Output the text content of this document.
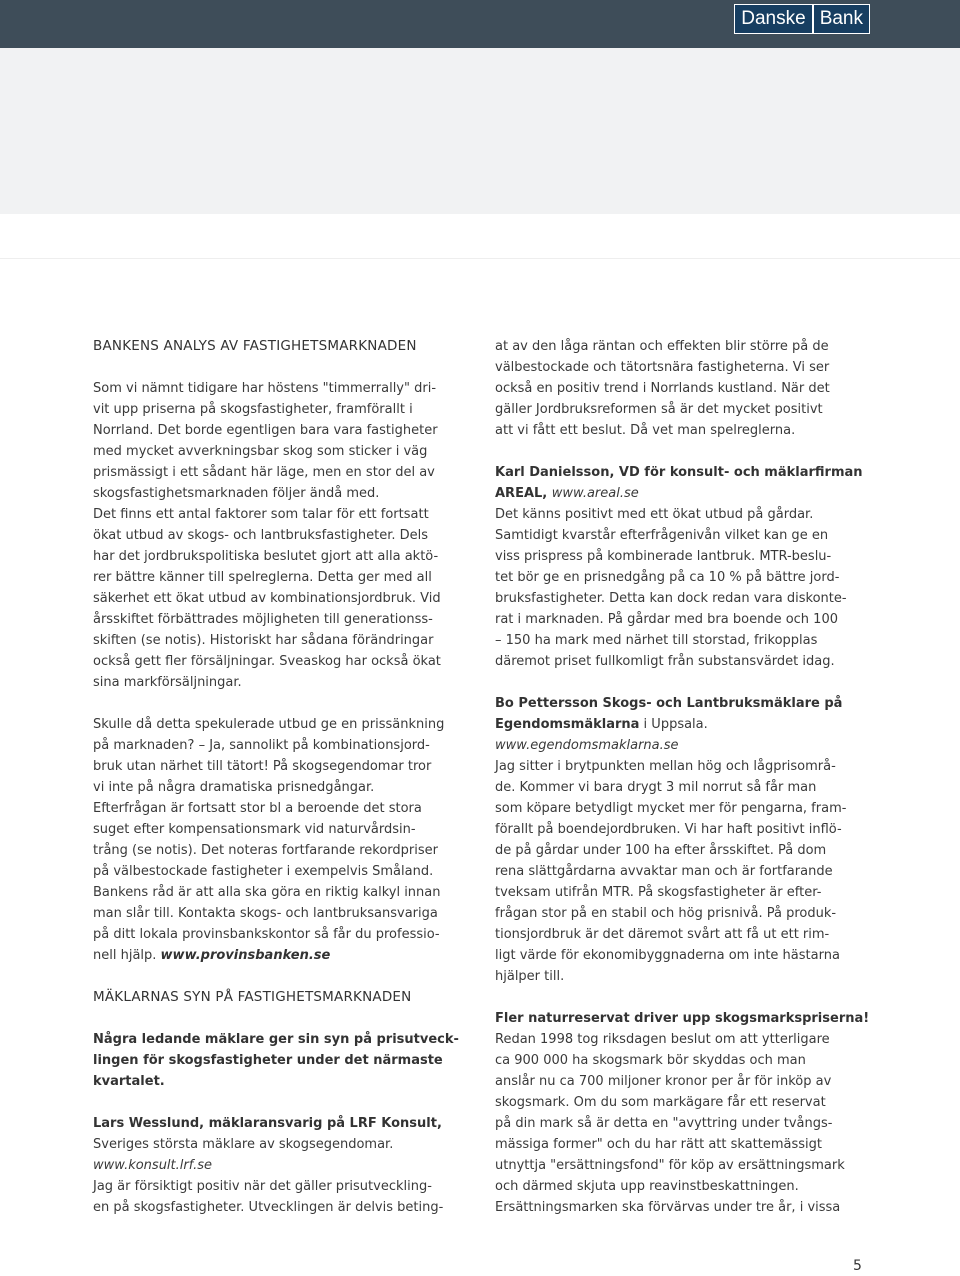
Danske Bank

BANKENS ANALYS AV FASTIGHETSMARKNADEN

Som vi nämnt tidigare har höstens "timmerrally" dri-

vit upp priserna på skogsfastigheter, framförallt i

Norrland. Det borde egentligen bara vara fastigheter

med mycket avverkningsbar skog som sticker i väg

prismässigt i ett sådant här läge, men en stor del av

skogsfastighetsmarknaden följer ändå med.

Det finns ett antal faktorer som talar för ett fortsatt

ökat utbud av skogs- och lantbruksfastigheter. Dels

har det jordbrukspolitiska beslutet gjort att alla aktö-

rer bättre känner till spelreglerna. Detta ger med all

säkerhet ett ökat utbud av kombinationsjordbruk. Vid

årsskiftet förbättrades möjligheten till generationss-

skiften (se notis). Historiskt har sådana förändringar

också gett fler försäljningar. Sveaskog har också ökat

sina markförsäljningar.

Skulle då detta spekulerade utbud ge en prissänkning

på marknaden? – Ja, sannolikt på kombinationsjord-

bruk utan närhet till tätort! På skogsegendomar tror

vi inte på några dramatiska prisnedgångar.

Efterfrågan är fortsatt stor bl a beroende det stora

suget efter kompensationsmark vid naturvårdsin-

trång (se notis). Det noteras fortfarande rekordpriser

på välbestockade fastigheter i exempelvis Småland.

Bankens råd är att alla ska göra en riktig kalkyl innan

man slår till. Kontakta skogs- och lantbruksansvariga

på ditt lokala provinsbankskontor så får du professio-

nell hjälp. www.provinsbanken.se

MÄKLARNAS SYN PÅ FASTIGHETSMARKNADEN

Några ledande mäklare ger sin syn på prisutveck-

lingen för skogsfastigheter under det närmaste

kvartalet.

Lars Wesslund, mäklaransvarig på LRF Konsult,

Sveriges största mäklare av skogsegendomar.

www.konsult.lrf.se

Jag är försiktigt positiv när det gäller prisutveckling-

en på skogsfastigheter. Utvecklingen är delvis beting-

at av den låga räntan och effekten blir större på de

välbestockade och tätortsnära fastigheterna. Vi ser

också en positiv trend i Norrlands kustland. När det

gäller Jordbruksreformen så är det mycket positivt

att vi fått ett beslut. Då vet man spelreglerna.

Karl Danielsson, VD för konsult- och mäklarfirman

AREAL, www.areal.se

Det känns positivt med ett ökat utbud på gårdar.

Samtidigt kvarstår efterfrågenivån vilket kan ge en

viss prispress på kombinerade lantbruk. MTR-beslu-

tet bör ge en prisnedgång på ca 10 % på bättre jord-

bruksfastigheter. Detta kan dock redan vara diskonte-

rat i marknaden. På gårdar med bra boende och 100

– 150 ha mark med närhet till storstad, frikopplas

däremot priset fullkomligt från substansvärdet idag.

Bo Pettersson Skogs- och Lantbruksmäklare på

Egendomsmäklarna i Uppsala.

www.egendomsmaklarna.se

Jag sitter i brytpunkten mellan hög och lågprisområ-

de. Kommer vi bara drygt 3 mil norrut så får man

som köpare betydligt mycket mer för pengarna, fram-

förallt på boendejordbruken. Vi har haft positivt inflö-

de på gårdar under 100 ha efter årsskiftet. På dom

rena slättgårdarna avvaktar man och är fortfarande

tveksam utifrån MTR. På skogsfastigheter är efter-

frågan stor på en stabil och hög prisnivå. På produk-

tionsjordbruk är det däremot svårt att få ut ett rim-

ligt värde för ekonomibyggnaderna om inte hästarna

hjälper till.

Fler naturreservat driver upp skogsmarkspriserna!

Redan 1998 tog riksdagen beslut om att ytterligare

ca 900 000 ha skogsmark bör skyddas och man

anslår nu ca 700 miljoner kronor per år för inköp av

skogsmark. Om du som markägare får ett reservat

på din mark så är detta en "avyttring under tvångs-

mässiga former" och du har rätt att skattemässigt

utnyttja "ersättningsfond" för köp av ersättningsmark

och därmed skjuta upp reavinstbeskattningen.

Ersättningsmarken ska förvärvas under tre år, i vissa

5
